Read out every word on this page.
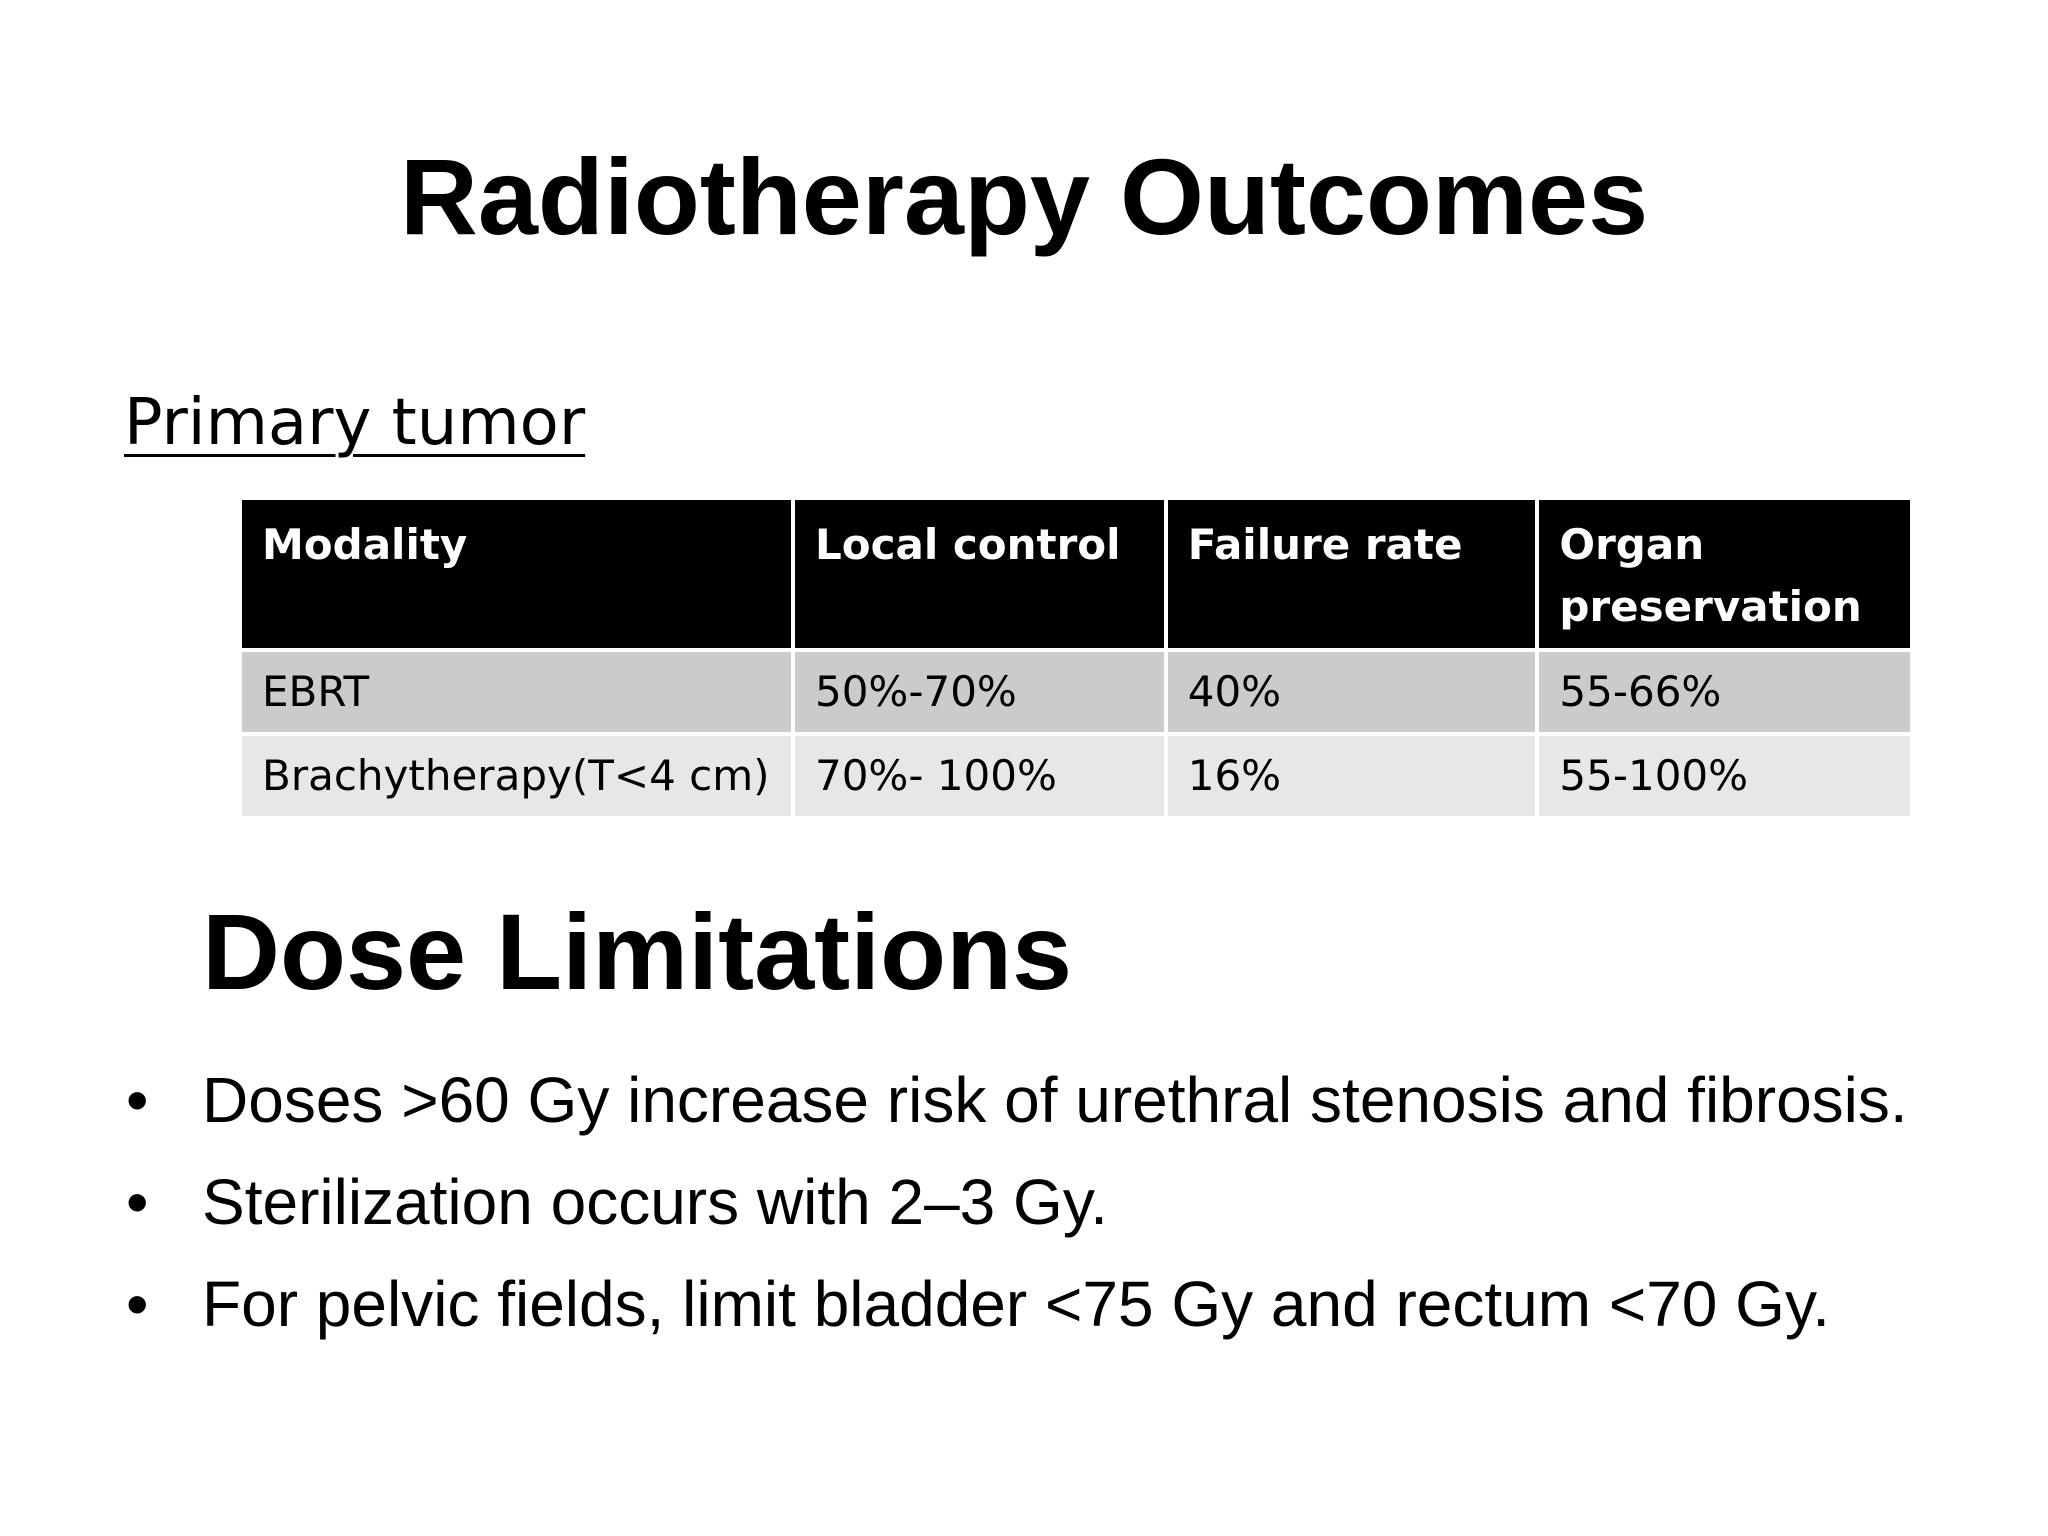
Radiotherapy Outcomes
Primary tumor
Modality	Local control	Failure rate	Organ
preservation
EBRT	50%-70%	40%	55-66%
Brachytherapy(T<4 cm)	70%- 100%	16%	55-100%
Dose Limitations
• Doses >60 Gy increase risk of urethral stenosis and fibrosis.
• Sterilization occurs with 2–3 Gy.
• For pelvic fields, limit bladder <75 Gy and rectum <70 Gy.
